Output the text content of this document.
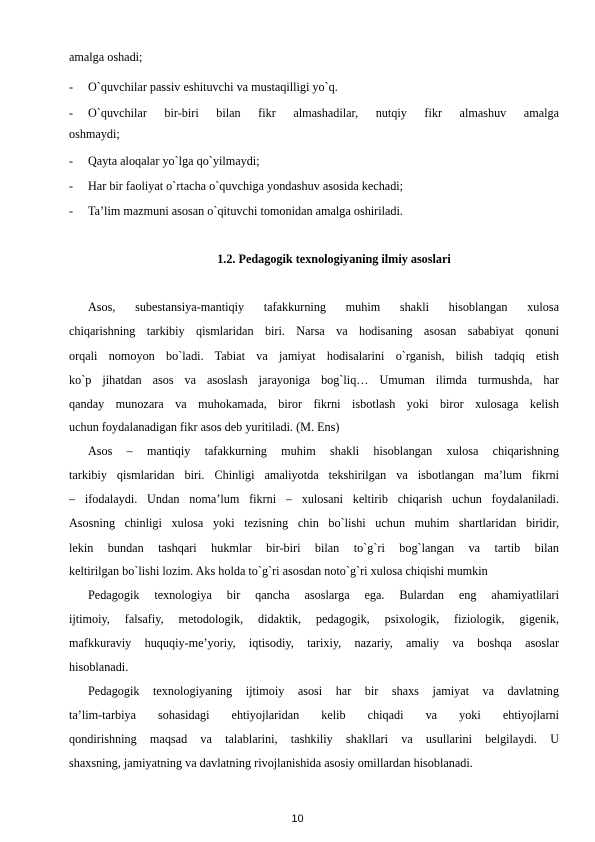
amalga oshadi;
- O`quvchilar passiv eshituvchi va mustaqilligi yo`q.
- O`quvchilar bir-biri bilan fikr almashadilar, nutqiy fikr almashuv amalga
oshmaydi;
- Qayta aloqalar yo`lga qo`yilmaydi;
- Har bir faoliyat o`rtacha o`quvchiga yondashuv asosida kechadi;
- Ta’lim mazmuni asosan o`qituvchi tomonidan amalga oshiriladi.
1.2. Pedagogik texnologiyaning ilmiy asoslari
Asos, subestansiya-mantiqiy tafakkurning muhim shakli hisoblangan xulosa
chiqarishning tarkibiy qismlaridan biri. Narsa va hodisaning asosan sababiyat qonuni
orqali nomoyon bo`ladi. Tabiat va jamiyat hodisalarini o`rganish, bilish tadqiq etish
ko`p jihatdan asos va asoslash jarayoniga bog`liq… Umuman ilimda turmushda, har
qanday munozara va muhokamada, biror fikrni isbotlash yoki biror xulosaga kelish
uchun foydalanadigan fikr asos deb yuritiladi. (M. Ens)
Asos – mantiqiy tafakkurning muhim shakli hisoblangan xulosa chiqarishning
tarkibiy qismlaridan biri. Chinligi amaliyotda tekshirilgan va isbotlangan ma’lum fikrni
– ifodalaydi. Undan noma’lum fikrni – xulosani keltirib chiqarish uchun foydalaniladi.
Asosning chinligi xulosa yoki tezisning chin bo`lishi uchun muhim shartlaridan biridir,
lekin bundan tashqari hukmlar bir-biri bilan to`g`ri bog`langan va tartib bilan
keltirilgan bo`lishi lozim. Aks holda to`g`ri asosdan noto`g`ri xulosa chiqishi mumkin
Pedagogik texnologiya bir qancha asoslarga ega. Bulardan eng ahamiyatlilari
ijtimoiy, falsafiy, metodologik, didaktik, pedagogik, psixologik, fiziologik, gigenik,
mafkkuraviy huquqiy-me’yoriy, iqtisodiy, tarixiy, nazariy, amaliy va boshqa asoslar
hisoblanadi.
Pedagogik texnologiyaning ijtimoiy asosi har bir shaxs jamiyat va davlatning
ta’lim-tarbiya sohasidagi ehtiyojlaridan kelib chiqadi va yoki ehtiyojlarni
qondirishning maqsad va talablarini, tashkiliy shakllari va usullarini belgilaydi. U
shaxsning, jamiyatning va davlatning rivojlanishida asosiy omillardan hisoblanadi.
10
